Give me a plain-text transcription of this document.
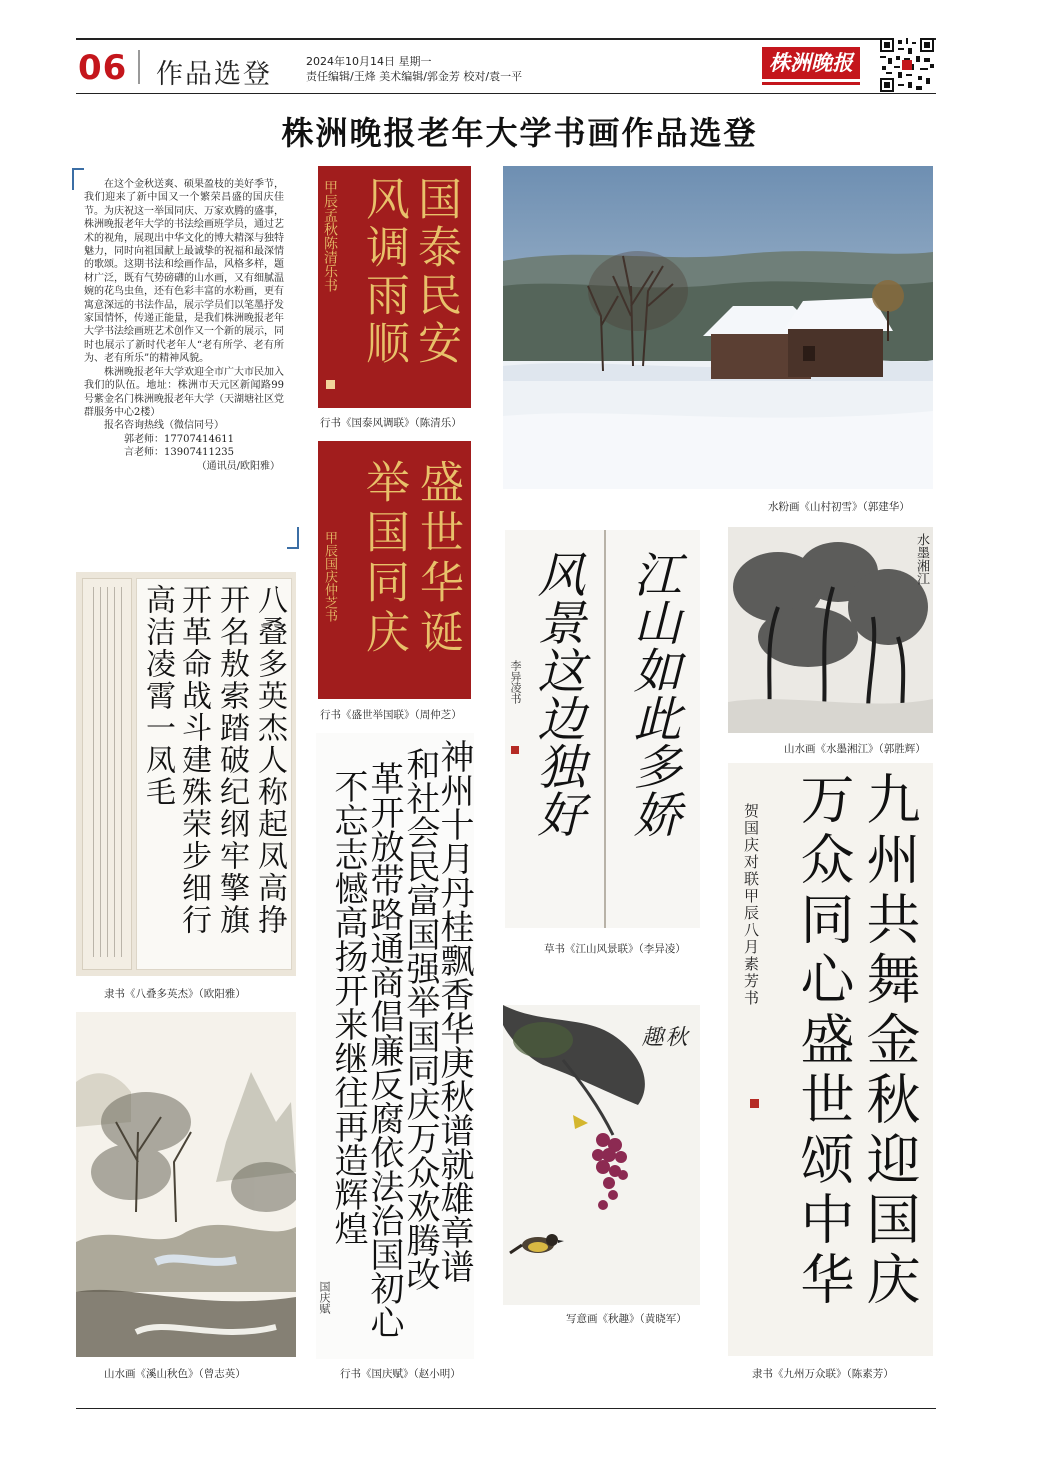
06 作品选登	2024年10月14日 星期一
责任编辑/王烽 美术编辑/郭金芳 校对/袁一平
株洲晚报
株洲晚报老年大学书画作品选登

在这个金秋送爽、硕果盈枝的美好季节，我们迎来了新中国又一个繁荣昌盛的国庆佳节。为庆祝这一举国同庆、万家欢腾的盛事，株洲晚报老年大学的书法绘画班学员，通过艺术的视角，展现出中华文化的博大精深与独特魅力，同时向祖国献上最诚挚的祝福和最深情的歌颂。这期书法和绘画作品，风格多样，题材广泛，既有气势磅礴的山水画，又有细腻温婉的花鸟虫鱼，还有色彩丰富的水粉画，更有寓意深远的书法作品，展示学员们以笔墨抒发家国情怀，传递正能量，是我们株洲晚报老年大学书法绘画班艺术创作又一个新的展示，同时也展示了新时代老年人“老有所学、老有所为、老有所乐”的精神风貌。

株洲晚报老年大学欢迎全市广大市民加入我们的队伍。地址：株洲市天元区新闻路99号紫金名门株洲晚报老年大学（天湖塘社区党群服务中心2楼）

报名咨询热线（微信同号）

郭老师：17707414611

言老师：13907411235

（通讯员/欧阳雅）

国泰民安
风调雨顺
甲辰孟秋陈清乐书
行书《国泰风调联》（陈清乐）
盛世华诞
举国同庆
甲辰国庆仲芝书
行书《盛世举国联》（周仲芝）
水粉画《山村初雪》（郭建华）
八叠多英杰人称起凤高挣
开名敖索踏破纪纲牢擎旗
开革命战斗建殊荣步细行
高洁凌霄一凤毛
隶书《八叠多英杰》（欧阳雅）
江山如此多娇
风景这边独好
李异凌书
草书《江山风景联》（李异凌）
水墨湘江
山水画《水墨湘江》（郭胜辉）
神州十月丹桂飘香华庚秋谱就雄章谱
和社会民富国强举国同庆万众欢腾改
革开放带路通商倡廉反腐依法治国初心
不忘志憾高扬开来继往再造辉煌
国庆赋
行书《国庆赋》（赵小明）
九州共舞金秋迎国庆
万众同心盛世颂中华
贺国庆对联甲辰八月素芳书
隶书《九州万众联》（陈素芳）
山水画《溪山秋色》（曾志英）
秋趣
写意画《秋趣》（黄晓军）
